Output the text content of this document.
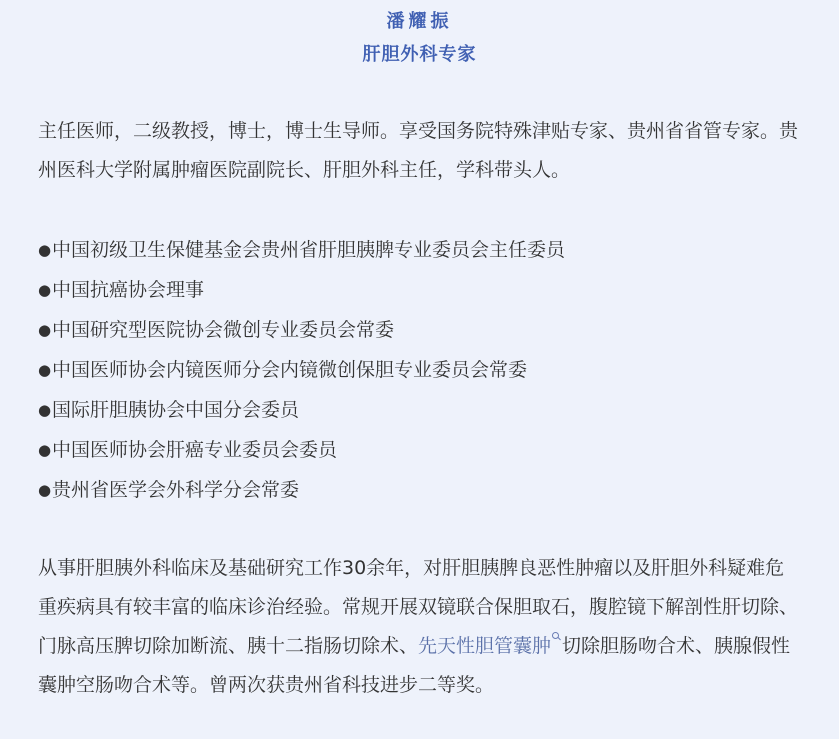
潘耀振
肝胆外科专家

主任医师，二级教授，博士，博士生导师。享受国务院特殊津贴专家、贵州省省管专家。贵州医科大学附属肿瘤医院副院长、肝胆外科主任，学科带头人。

●中国初级卫生保健基金会贵州省肝胆胰脾专业委员会主任委员
●中国抗癌协会理事
●中国研究型医院协会微创专业委员会常委
●中国医师协会内镜医师分会内镜微创保胆专业委员会常委
●国际肝胆胰协会中国分会委员
●中国医师协会肝癌专业委员会委员
●贵州省医学会外科学分会常委

从事肝胆胰外科临床及基础研究工作30余年，对肝胆胰脾良恶性肿瘤以及肝胆外科疑难危重疾病具有较丰富的临床诊治经验。常规开展双镜联合保胆取石，腹腔镜下解剖性肝切除、门脉高压脾切除加断流、胰十二指肠切除术、先天性胆管囊肿 切除胆肠吻合术、胰腺假性囊肿空肠吻合术等。曾两次获贵州省科技进步二等奖。
